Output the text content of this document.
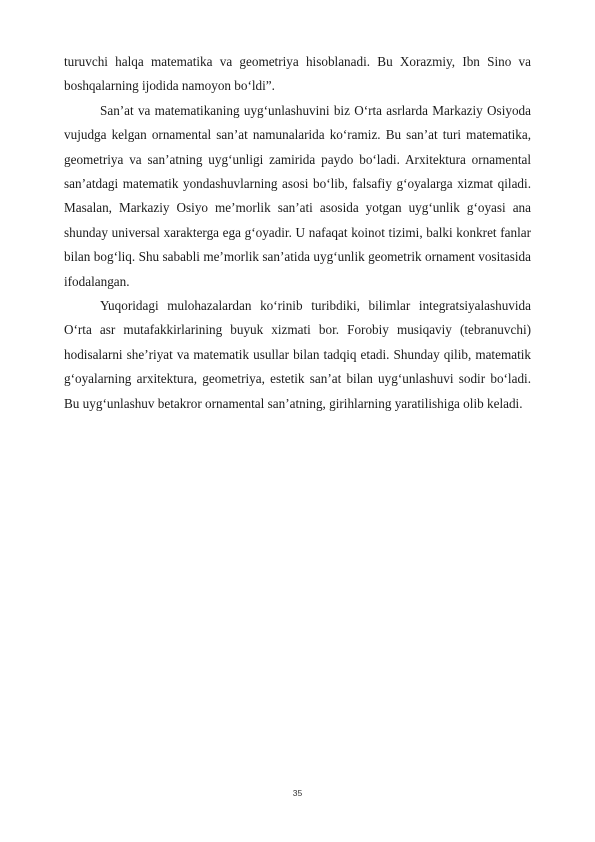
turuvchi halqa matematika va geometriya hisoblanadi. Bu Xorazmiy, Ibn Sino va boshqalarning ijodida namoyon boʻldi”.

Sanʼat va matematikaning uygʻunlashuvini biz Oʻrta asrlarda Markaziy Osiyoda vujudga kelgan ornamental sanʼat namunalarida koʻramiz. Bu sanʼat turi matematika, geometriya va sanʼatning uygʻunligi zamirida paydo boʻladi. Arxitektura ornamental sanʼatdagi matematik yondashuvlarning asosi boʻlib, falsafiy gʻoyalarga xizmat qiladi. Masalan, Markaziy Osiyo meʼmorlik sanʼati asosida yotgan uygʻunlik gʻoyasi ana shunday universal xarakterga ega gʻoyadir. U nafaqat koinot tizimi, balki konkret fanlar bilan bogʻliq. Shu sababli meʼmorlik sanʼatida uygʻunlik geometrik ornament vositasida ifodalangan.

Yuqoridagi mulohazalardan koʻrinib turibdiki, bilimlar integratsiyalashuvida Oʻrta asr mutafakkirlarining buyuk xizmati bor. Forobiy musiqaviy (tebranuvchi) hodisalarni sheʼriyat va matematik usullar bilan tadqiq etadi. Shunday qilib, matematik gʻoyalarning arxitektura, geometriya, estetik sanʼat bilan uygʻunlashuvi sodir boʻladi. Bu uygʻunlashuv betakror ornamental sanʼatning, girihlarning yaratilishiga olib keladi.

35
